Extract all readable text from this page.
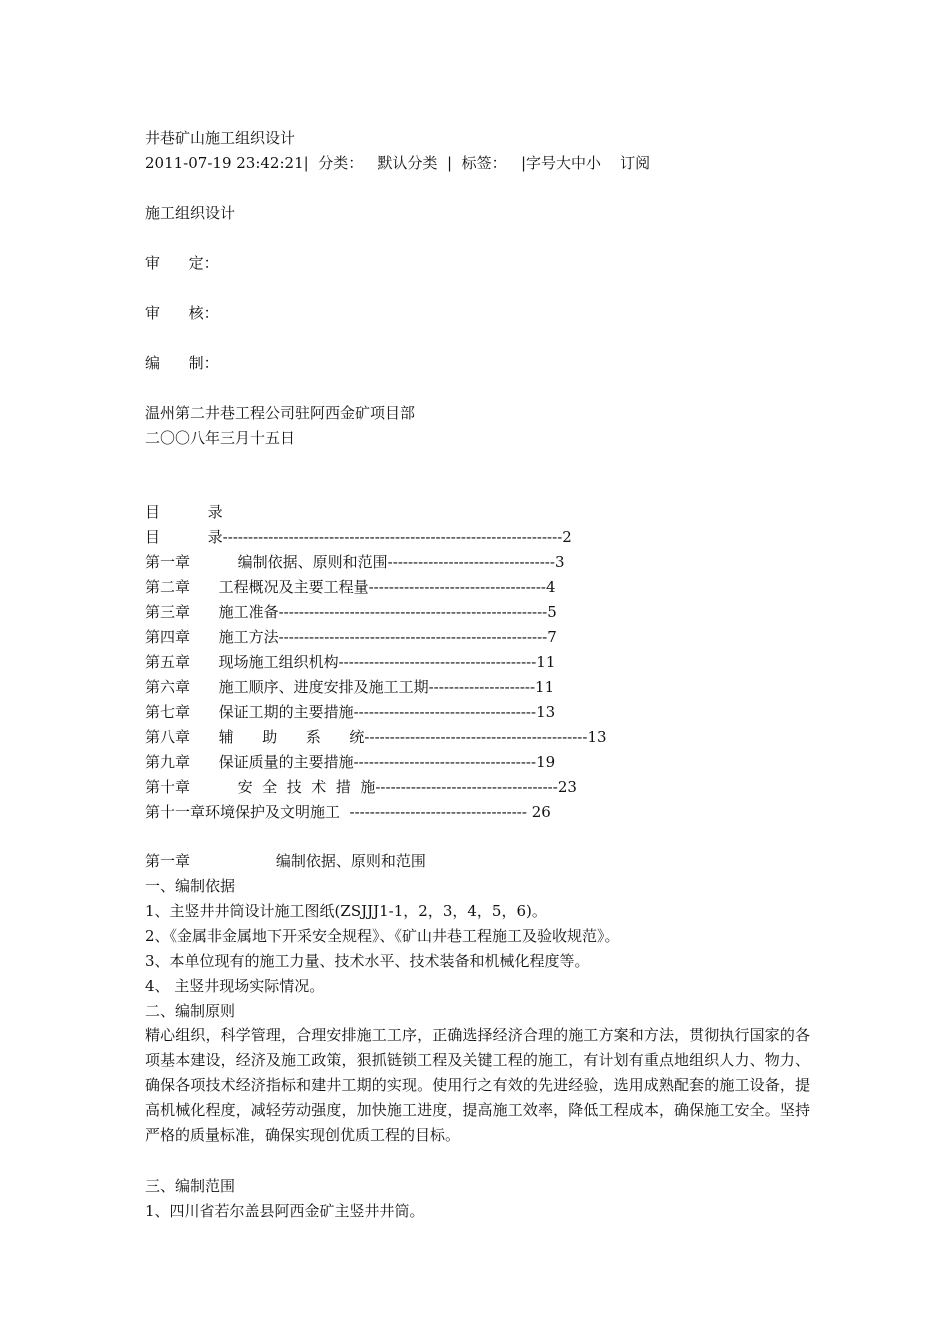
井巷矿山施工组织设计
2011-07-19 23:42:21|  分类：   默认分类  |  标签：   |字号大中小    订阅
施工组织设计
审      定：
审      核：
编      制：
温州第二井巷工程公司驻阿西金矿项目部
二〇〇八年三月十五日
目          录
目          录-------------------------------------------------------------------2
第一章          编制依据、原则和范围---------------------------------3
第二章      工程概况及主要工程量-----------------------------------4
第三章      施工准备-----------------------------------------------------5
第四章      施工方法-----------------------------------------------------7
第五章      现场施工组织机构---------------------------------------11
第六章      施工顺序、进度安排及施工工期---------------------11
第七章      保证工期的主要措施------------------------------------13
第八章      辅      助      系      统--------------------------------------------13
第九章      保证质量的主要措施------------------------------------19
第十章          安  全  技  术  措  施------------------------------------23
第十一章环境保护及文明施工  ----------------------------------- 26
第一章                  编制依据、原则和范围
一、编制依据
1、主竖井井筒设计施工图纸(ZSJJJ1-1，2，3，4，5，6)。
2、《金属非金属地下开采安全规程》、《矿山井巷工程施工及验收规范》。
3、本单位现有的施工力量、技术水平、技术装备和机械化程度等。
4、 主竖井现场实际情况。
二、编制原则
精心组织，科学管理，合理安排施工工序，正确选择经济合理的施工方案和方法，贯彻执行国家的各项基本建设，经济及施工政策，狠抓链锁工程及关键工程的施工，有计划有重点地组织人力、物力、确保各项技术经济指标和建井工期的实现。使用行之有效的先进经验，选用成熟配套的施工设备，提高机械化程度，减轻劳动强度，加快施工进度，提高施工效率，降低工程成本，确保施工安全。坚持严格的质量标准，确保实现创优质工程的目标。
三、编制范围
1、四川省若尔盖县阿西金矿主竖井井筒。
